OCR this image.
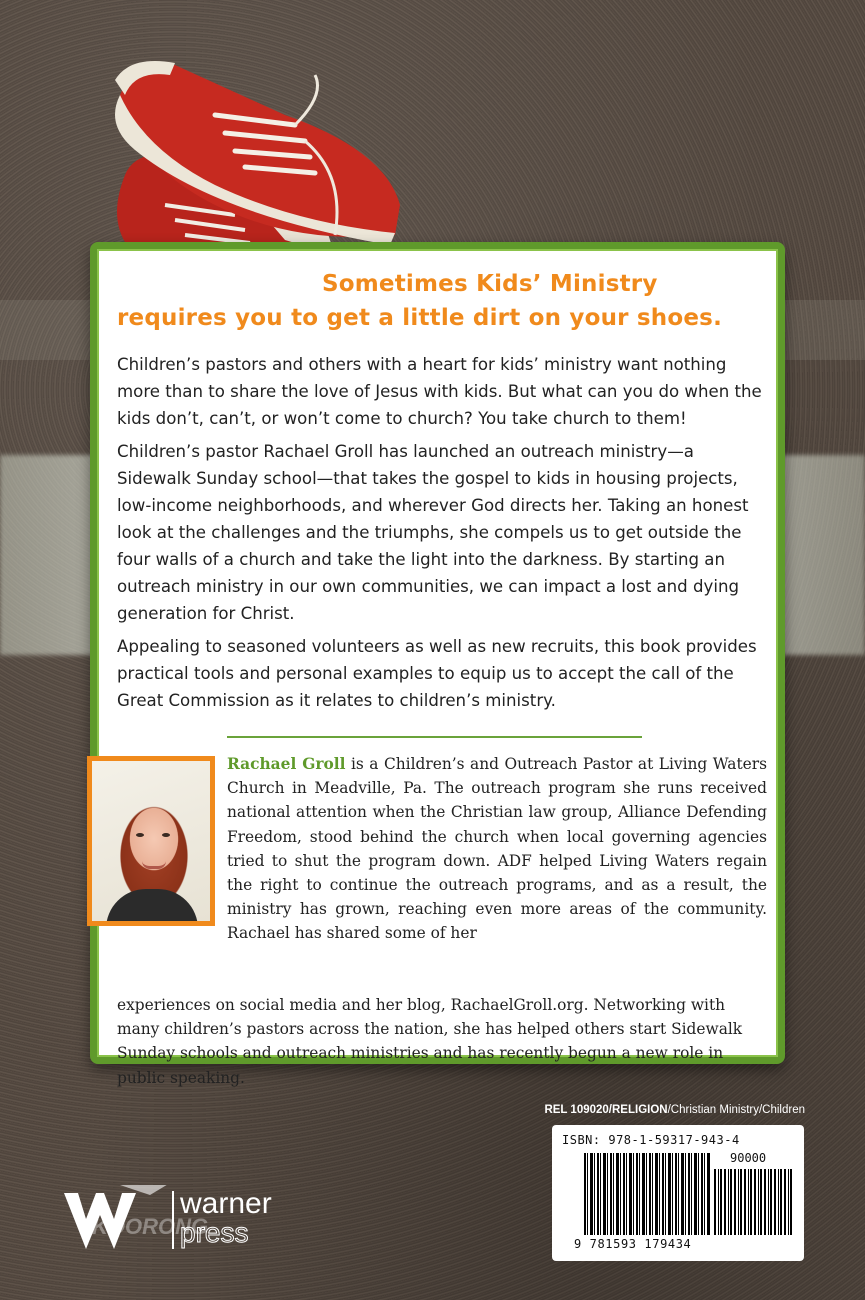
Sometimes Kids’ Ministry
requires you to get a little dirt on your shoes.

Children’s pastors and others with a heart for kids’ ministry want nothing more than to share the love of Jesus with kids. But what can you do when the kids don’t, can’t, or won’t come to church? You take church to them!

Children’s pastor Rachael Groll has launched an outreach ministry—a Sidewalk Sunday school—that takes the gospel to kids in housing projects, low-income neighborhoods, and wherever God directs her. Taking an honest look at the challenges and the triumphs, she compels us to get outside the four walls of a church and take the light into the darkness. By starting an outreach ministry in our own communities, we can impact a lost and dying generation for Christ.

Appealing to seasoned volunteers as well as new recruits, this book provides practical tools and personal examples to equip us to accept the call of the Great Commission as it relates to children’s ministry.

Rachael Groll is a Children’s and Outreach Pastor at Living Waters Church in Meadville, Pa. The outreach program she runs received national attention when the Christian law group, Alliance Defending Freedom, stood behind the church when local governing agencies tried to shut the program down. ADF helped Living Waters regain the right to continue the outreach programs, and as a result, the ministry has grown, reaching even more areas of the community. Rachael has shared some of her

experiences on social media and her blog, RachaelGroll.org. Networking with many children’s pastors across the nation, she has helped others start Sidewalk Sunday schools and outreach ministries and has recently begun a new role in public speaking.

REL 109020/RELIGION/Christian Ministry/Children
ISBN: 978-1-59317-943-4
90000
9 781593 179434
warner
press
KOORONG
